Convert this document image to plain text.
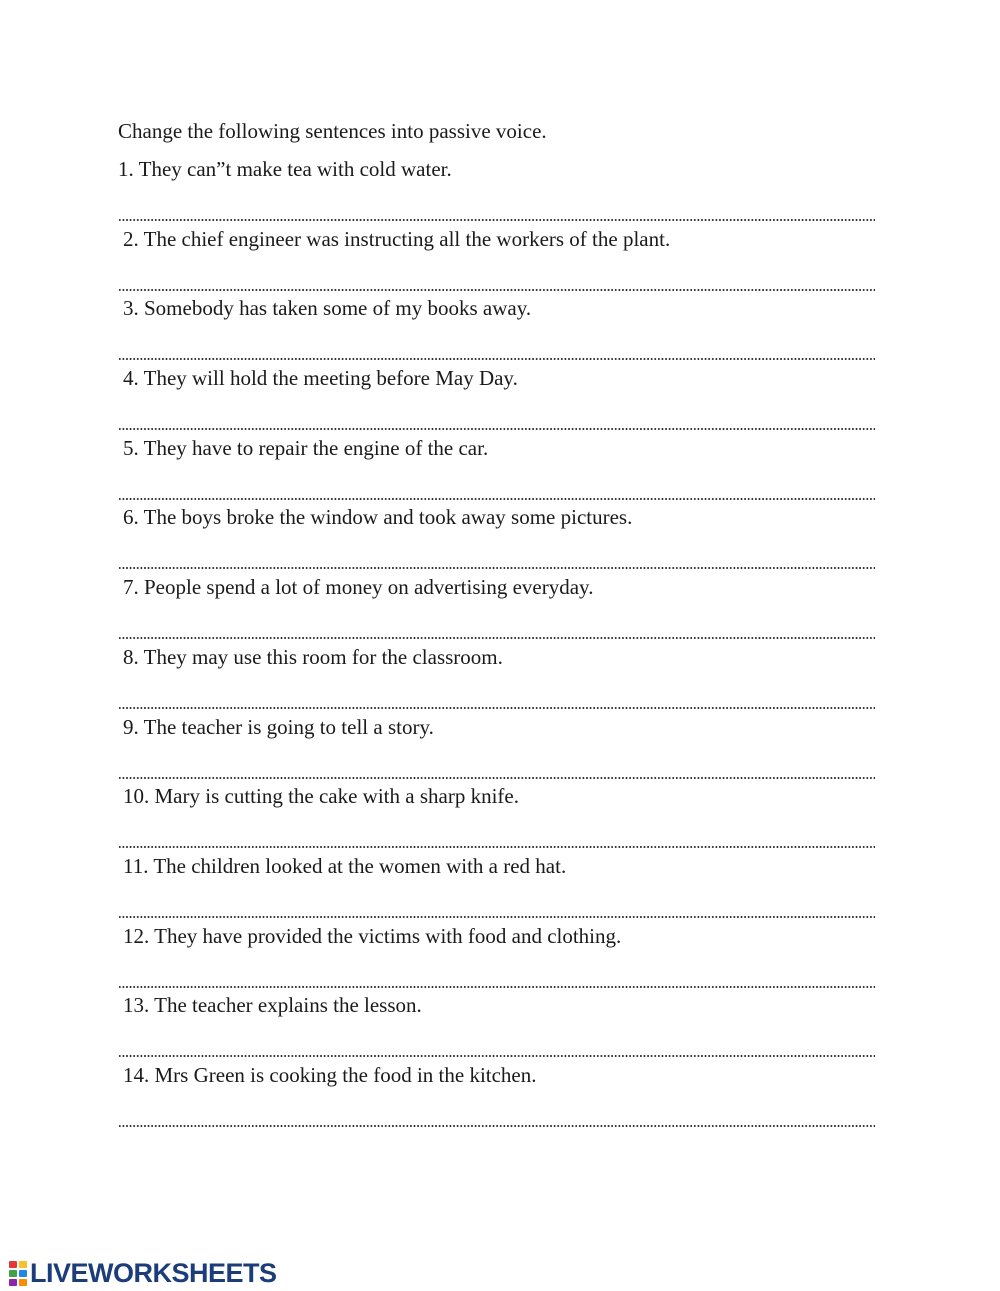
Change the following sentences into passive voice.

1. They can”t make tea with cold water.
2. The chief engineer was instructing all the workers of the plant.
3. Somebody has taken some of my books away.
4. They will hold the meeting before May Day.
5. They have to repair the engine of the car.
6. The boys broke the window and took away some pictures.
7. People spend a lot of money on advertising everyday.
8. They may use this room for the classroom.
9. The teacher is going to tell a story.
10. Mary is cutting the cake with a sharp knife.
11. The children looked at the women with a red hat.
12. They have provided the victims with food and clothing.
13. The teacher explains the lesson.
14. Mrs Green is cooking the food in the kitchen.
LIVEWORKSHEETS
